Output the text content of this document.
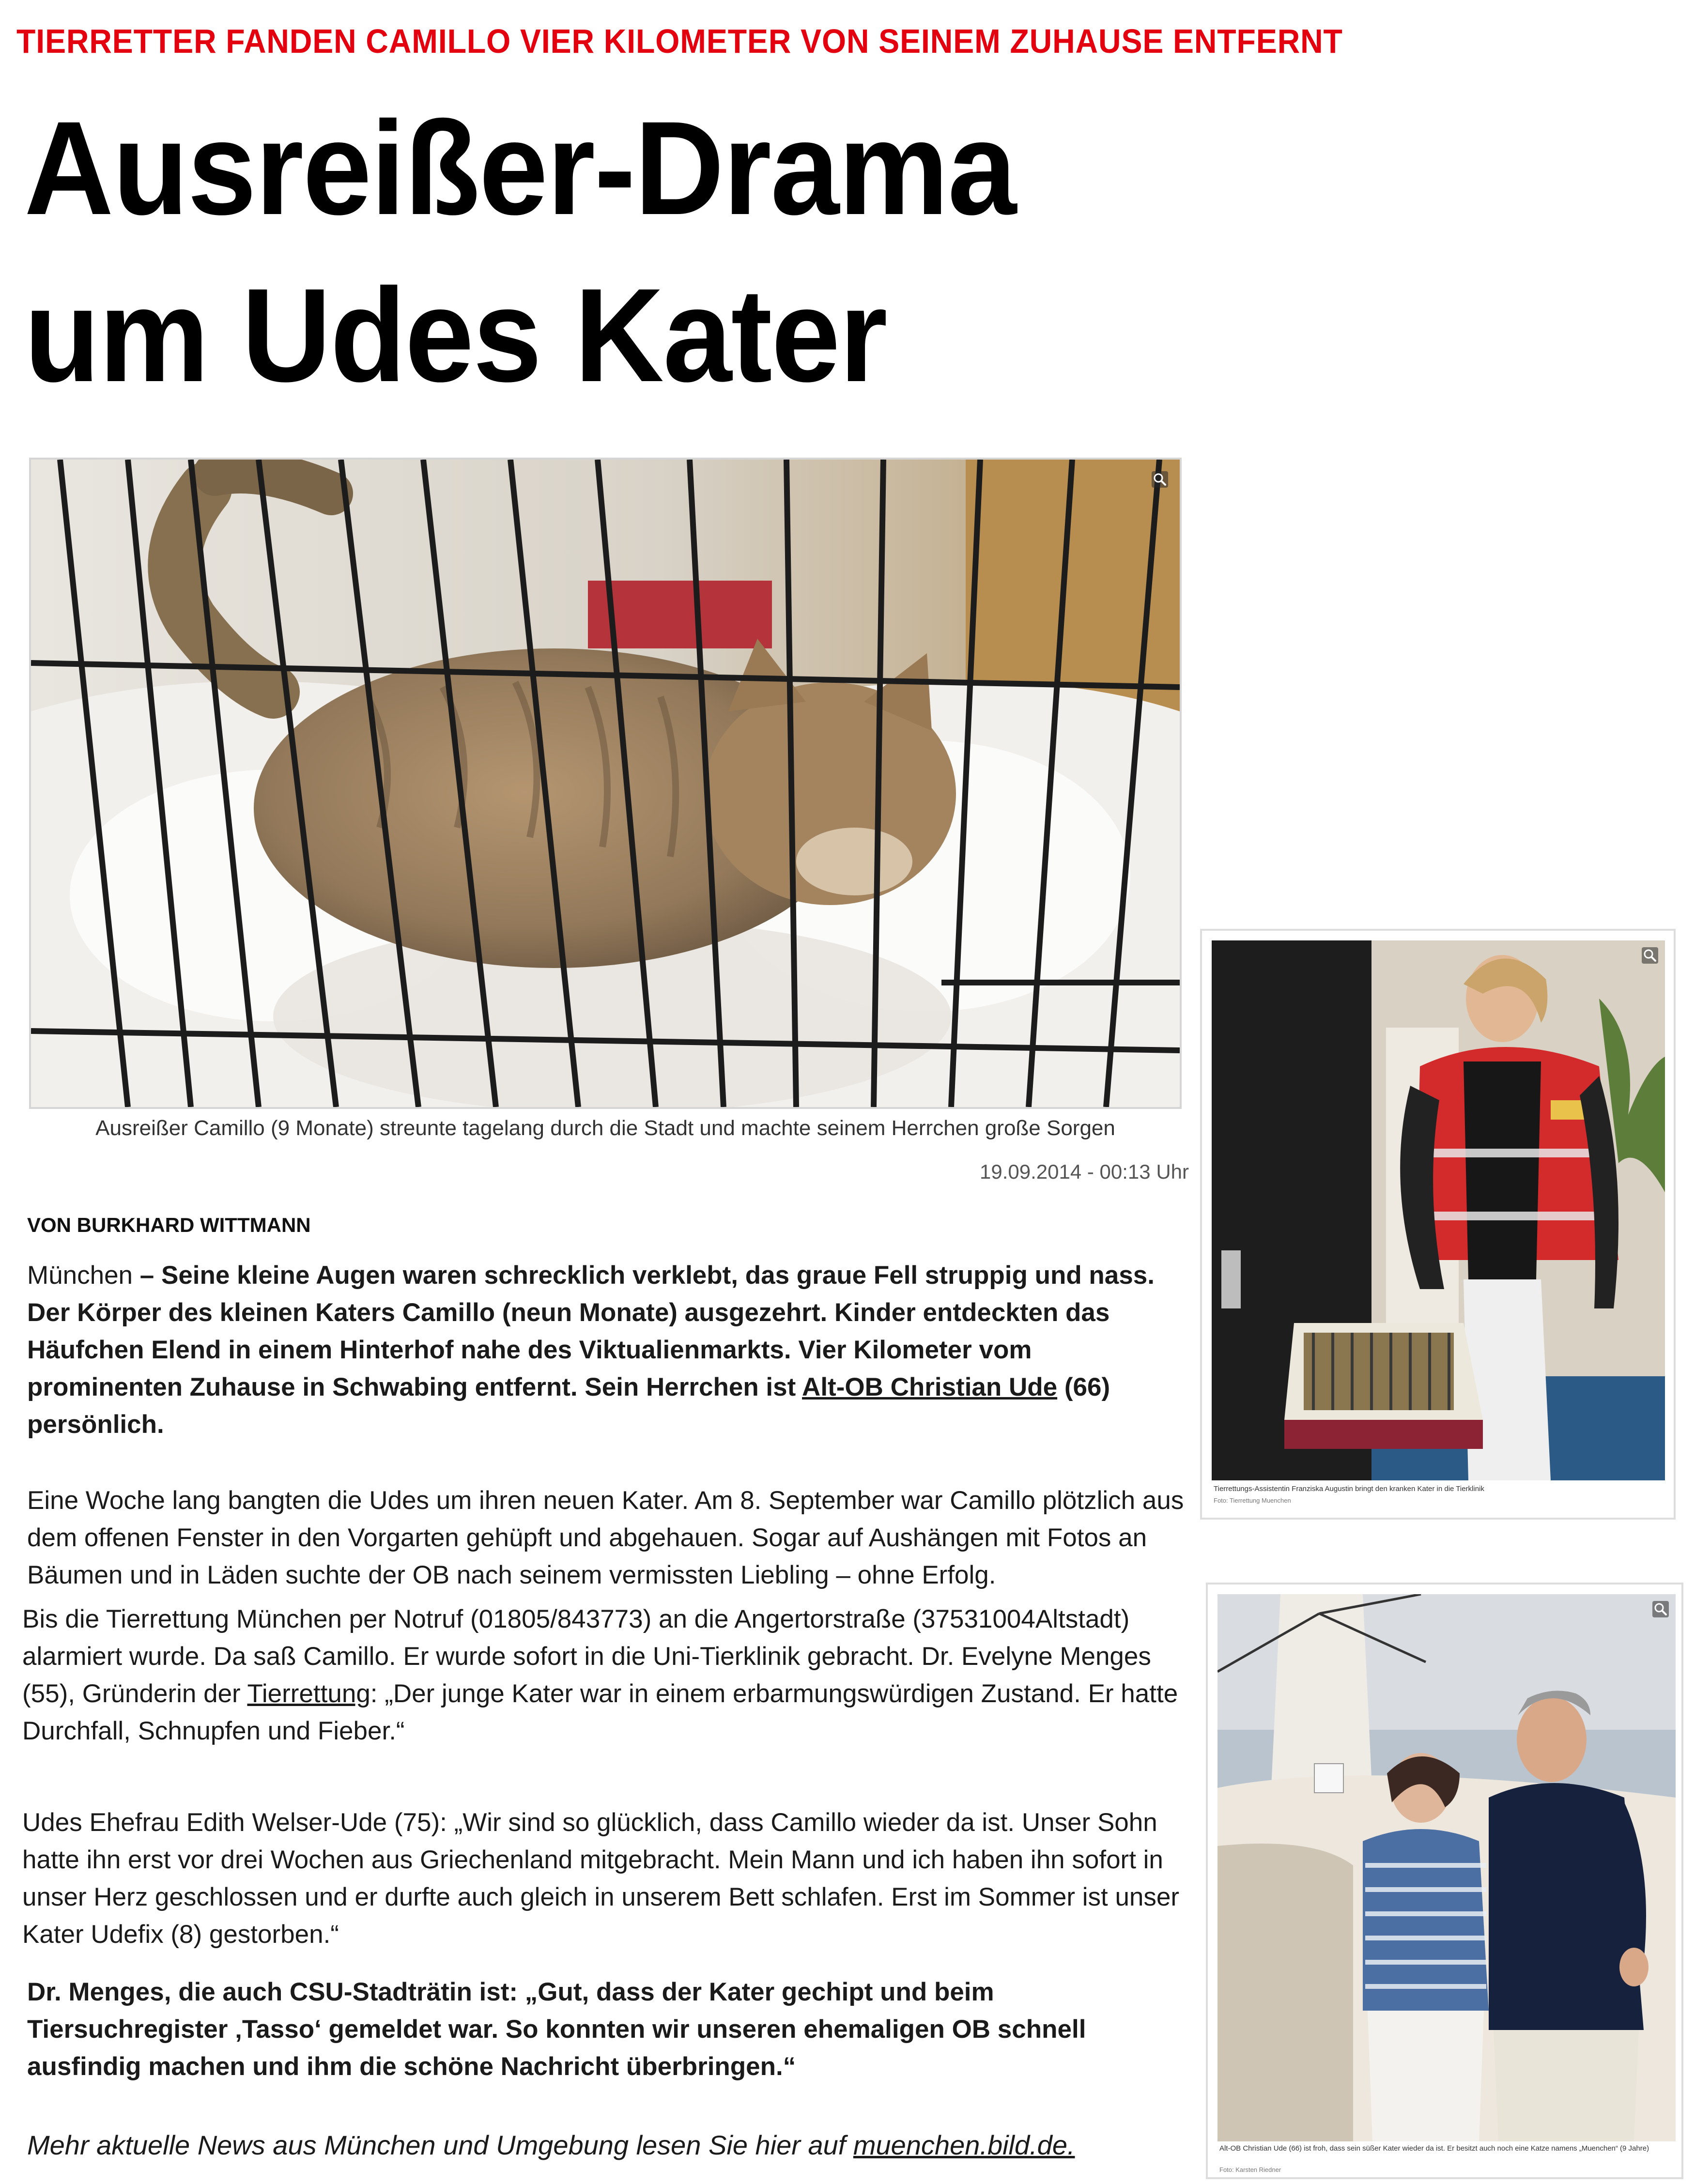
TIERRETTER FANDEN CAMILLO VIER KILOMETER VON SEINEM ZUHAUSE ENTFERNT
Ausreißer-Drama
um Udes Kater
Ausreißer Camillo (9 Monate) streunte tagelang durch die Stadt und machte seinem Herrchen große Sorgen
19.09.2014 - 00:13 Uhr
VON BURKHARD WITTMANN
München – Seine kleine Augen waren schrecklich verklebt, das graue Fell struppig und nass. Der Körper des kleinen Katers Camillo (neun Monate) ausgezehrt. Kinder entdeckten das Häufchen Elend in einem Hinterhof nahe des Viktualienmarkts. Vier Kilometer vom prominenten Zuhause in Schwabing entfernt. Sein Herrchen ist Alt-OB Christian Ude (66) persönlich.
Eine Woche lang bangten die Udes um ihren neuen Kater. Am 8. September war Camillo plötzlich aus dem offenen Fenster in den Vorgarten gehüpft und abgehauen. Sogar auf Aushängen mit Fotos an Bäumen und in Läden suchte der OB nach seinem vermissten Liebling – ohne Erfolg.
Bis die Tierrettung München per Notruf (01805/843773) an die Angertorstraße (37531004Altstadt) alarmiert wurde. Da saß Camillo. Er wurde sofort in die Uni-Tierklinik gebracht. Dr. Evelyne Menges (55), Gründerin der Tierrettung: „Der junge Kater war in einem erbarmungswürdigen Zustand. Er hatte Durchfall, Schnupfen und Fieber.“
Udes Ehefrau Edith Welser-Ude (75): „Wir sind so glücklich, dass Camillo wieder da ist. Unser Sohn hatte ihn erst vor drei Wochen aus Griechenland mitgebracht. Mein Mann und ich haben ihn sofort in unser Herz geschlossen und er durfte auch gleich in unserem Bett schlafen. Erst im Sommer ist unser Kater Udefix (8) gestorben.“
Dr. Menges, die auch CSU-Stadträtin ist: „Gut, dass der Kater gechipt und beim Tiersuchregister ‚Tasso‘ gemeldet war. So konnten wir unseren ehemaligen OB schnell ausfindig machen und ihm die schöne Nachricht überbringen.“
Mehr aktuelle News aus München und Umgebung lesen Sie hier auf muenchen.bild.de.
Tierrettungs-Assistentin Franziska Augustin bringt den kranken Kater in die Tierklinik
Foto: Tierrettung Muenchen
Alt-OB Christian Ude (66) ist froh, dass sein süßer Kater wieder da ist. Er besitzt auch noch eine Katze namens „Muenchen“ (9 Jahre)
Foto: Karsten Riedner
